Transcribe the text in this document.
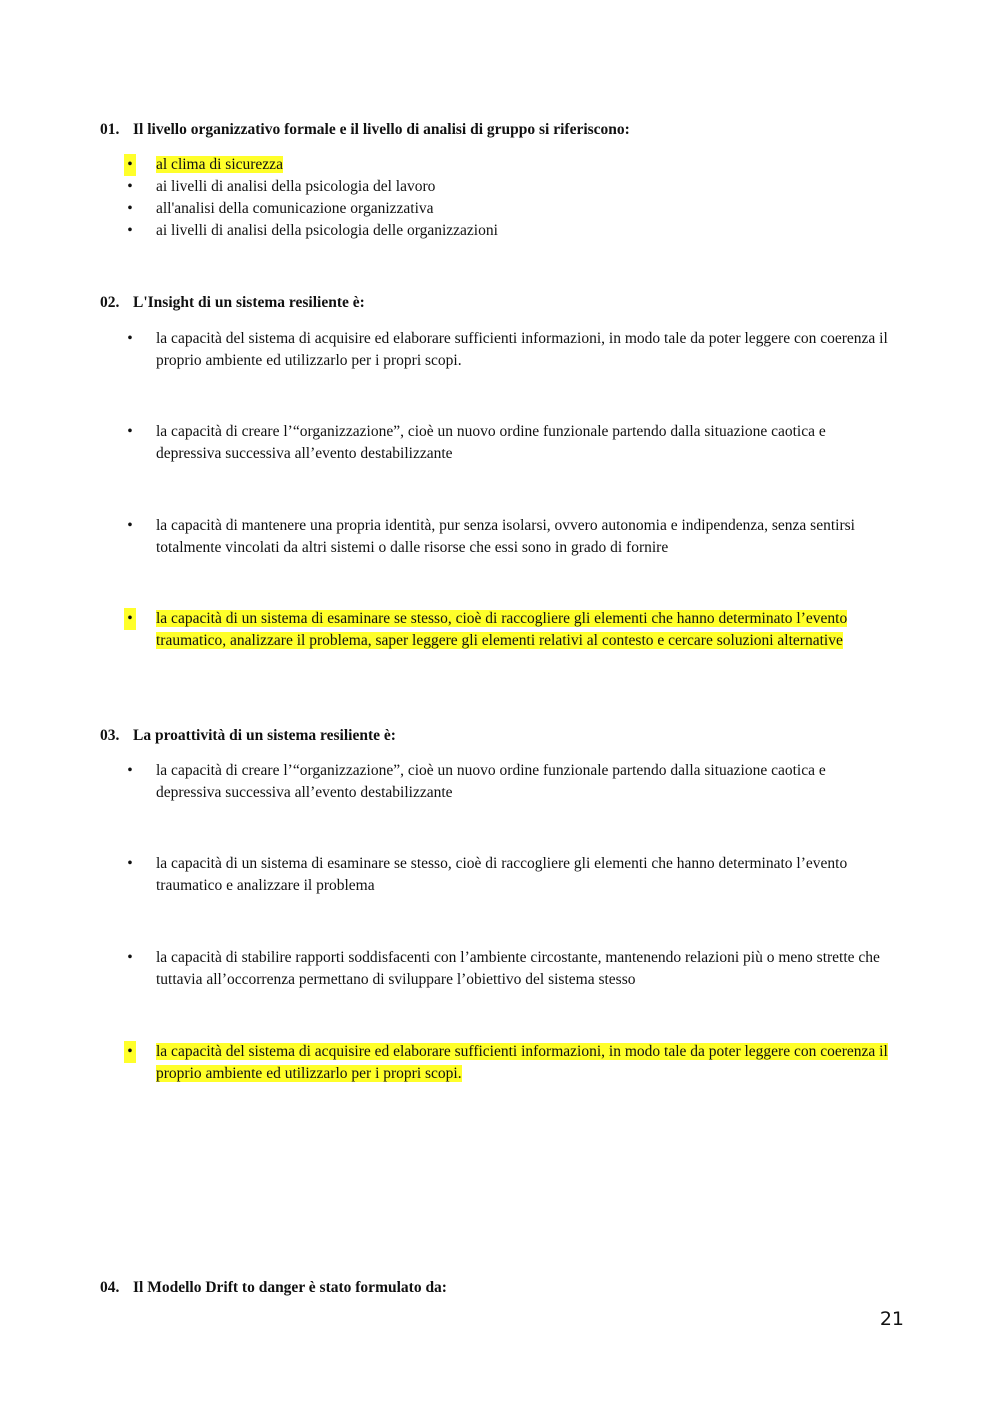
01. Il livello organizzativo formale e il livello di analisi di gruppo si riferiscono:
• al clima di sicurezza
• ai livelli di analisi della psicologia del lavoro
• all'analisi della comunicazione organizzativa
• ai livelli di analisi della psicologia delle organizzazioni
02. L'Insight di un sistema resiliente è:
• la capacità del sistema di acquisire ed elaborare sufficienti informazioni, in modo tale da poter leggere con coerenza il proprio ambiente ed utilizzarlo per i propri scopi.
• la capacità di creare l’“organizzazione”, cioè un nuovo ordine funzionale partendo dalla situazione caotica e depressiva successiva all’evento destabilizzante
• la capacità di mantenere una propria identità, pur senza isolarsi, ovvero autonomia e indipendenza, senza sentirsi totalmente vincolati da altri sistemi o dalle risorse che essi sono in grado di fornire
• la capacità di un sistema di esaminare se stesso, cioè di raccogliere gli elementi che hanno determinato l’evento traumatico, analizzare il problema, saper leggere gli elementi relativi al contesto e cercare soluzioni alternative
03. La proattività di un sistema resiliente è:
• la capacità di creare l’“organizzazione”, cioè un nuovo ordine funzionale partendo dalla situazione caotica e depressiva successiva all’evento destabilizzante
• la capacità di un sistema di esaminare se stesso, cioè di raccogliere gli elementi che hanno determinato l’evento traumatico e analizzare il problema
• la capacità di stabilire rapporti soddisfacenti con l’ambiente circostante, mantenendo relazioni più o meno strette che tuttavia all’occorrenza permettano di sviluppare l’obiettivo del sistema stesso
• la capacità del sistema di acquisire ed elaborare sufficienti informazioni, in modo tale da poter leggere con coerenza il proprio ambiente ed utilizzarlo per i propri scopi.
04. Il Modello Drift to danger è stato formulato da:
21
